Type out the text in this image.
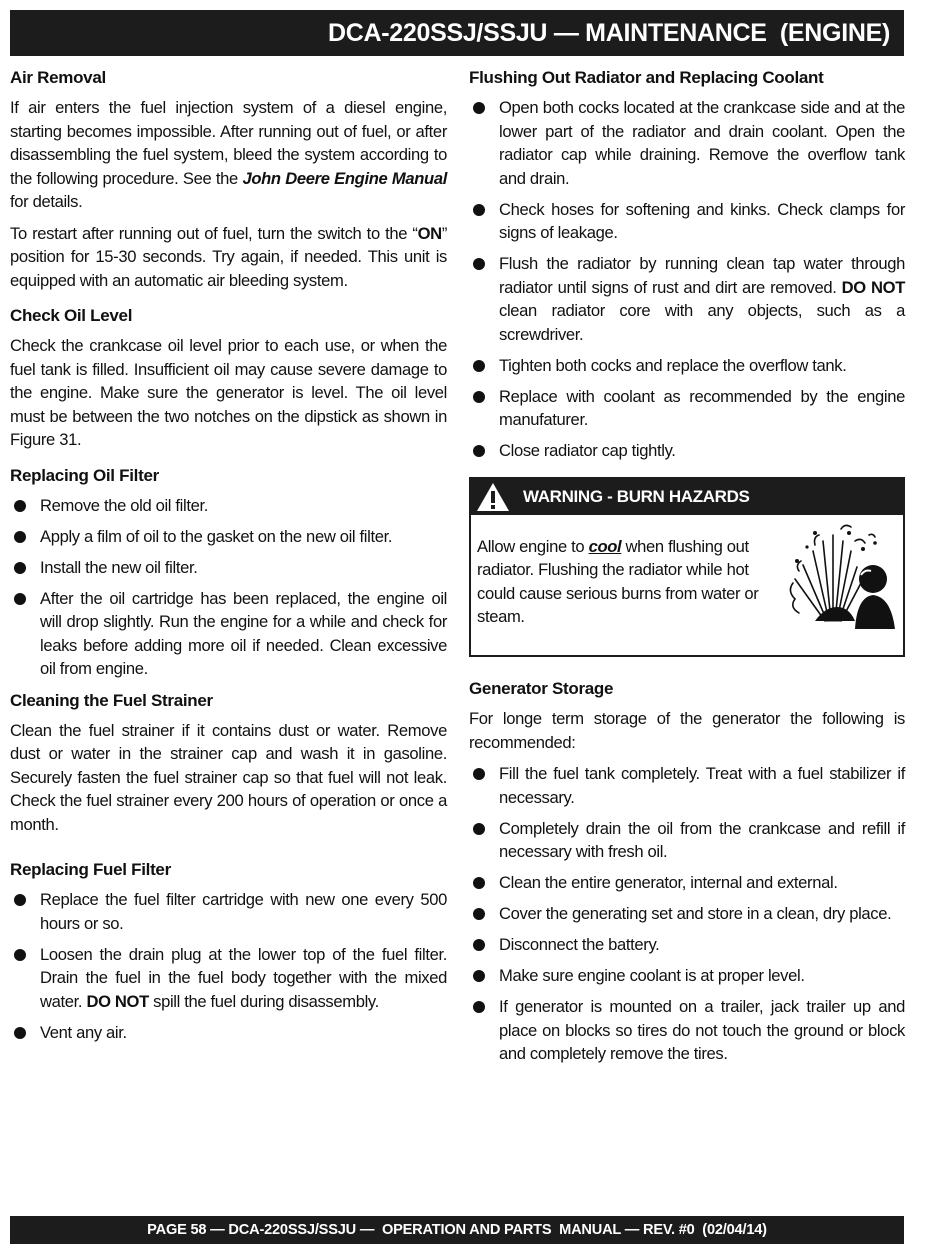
DCA-220SSJ/SSJU — MAINTENANCE  (ENGINE)
Air Removal

If air enters the fuel injection system of a diesel engine, starting becomes impossible. After running out of fuel, or after disassembling the fuel system, bleed the system according to the following procedure. See the John Deere Engine Manual for details.

To restart after running out of fuel, turn the switch to the “ON” position for 15-30 seconds. Try again, if needed. This unit is equipped with an automatic air bleeding system.

Check Oil Level

Check the crankcase oil level prior to each use, or when the fuel tank is filled. Insufficient oil may cause severe damage to the engine. Make sure the generator is level. The oil level must be between the two notches on the dipstick as shown in Figure 31.

Replacing Oil Filter
Remove the old oil filter.
Apply a film of oil to the gasket on the new oil filter.
Install the new oil filter.
After the oil cartridge has been replaced, the engine oil will drop slightly. Run the engine for a while and check for leaks before adding more oil if needed. Clean excessive oil from engine.
Cleaning the Fuel Strainer

Clean the fuel strainer if it contains dust or water. Remove dust or water in the strainer cap and wash it in gasoline. Securely fasten the fuel strainer cap so that fuel will not leak. Check the fuel strainer every 200 hours of operation or once a month.

Replacing Fuel Filter
Replace the fuel filter cartridge with new one every 500 hours or so.
Loosen the drain plug at the lower top of the fuel filter. Drain the fuel in the fuel body together with the mixed water. DO NOT spill the fuel during disassembly.
Vent any air.
Flushing Out Radiator and Replacing Coolant
Open both cocks located at the crankcase side and at the lower part of the radiator and drain coolant. Open the radiator cap while draining. Remove the overflow tank and drain.
Check hoses for softening and kinks. Check clamps for signs of leakage.
Flush the radiator by running clean tap water through radiator until signs of rust and dirt are removed. DO NOT clean radiator core with any objects, such as a screwdriver.
Tighten both cocks and replace the overflow tank.
Replace with coolant as recommended by the engine manufaturer.
Close radiator cap tightly.
WARNING - BURN HAZARDS
Allow engine to cool when flushing out radiator. Flushing the radiator while hot could cause serious burns from water or steam.
Generator Storage

For longe term storage of the generator the following is recommended:

Fill the fuel tank completely. Treat with a fuel stabilizer if necessary.
Completely drain the oil from the crankcase and refill if necessary with fresh oil.
Clean the entire generator, internal and external.
Cover the generating set and store in a clean, dry place.
Disconnect the battery.
Make sure engine coolant is at proper level.
If generator is mounted on a trailer, jack trailer up and place on blocks so tires do not touch the ground or block and completely remove the tires.
PAGE 58 — DCA-220SSJ/SSJU —  OPERATION AND PARTS  MANUAL — REV. #0  (02/04/14)
